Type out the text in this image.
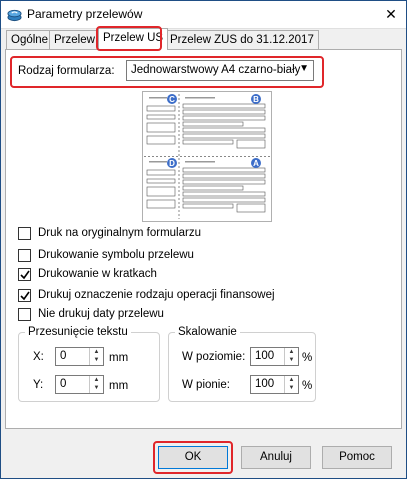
Parametry przelewów	✕
Ogólne Przelew Przelew US Przelew ZUS do 31.12.2017
Rodzaj formularza: Jednowarstwowy A4 czarno-biały
▼
C	B
D	A
Druk na oryginalnym formularzu
Drukowanie symbolu przelewu
Drukowanie w kratkach
Drukuj oznaczenie rodzaju operacji finansowej
Nie drukuj daty przelewu
Przesunięcie tekstu
X: 0	▲
▼ mm
Y: 0	▲
▼ mm
Skalowanie
W poziomie: 100	▲
▼ %
W pionie: 100	▲
▼ %
OK	Anuluj	Pomoc
